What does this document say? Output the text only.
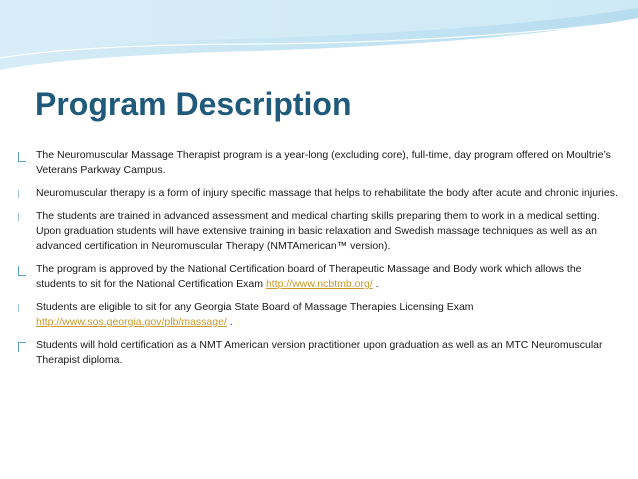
Program Description
The Neuromuscular Massage Therapist program is a year-long (excluding core), full-time, day program offered on Moultrie’s Veterans Parkway Campus.
Neuromuscular therapy is a form of injury specific massage that helps to rehabilitate the body after acute and chronic injuries.
The students are trained in advanced assessment and medical charting skills preparing them to work in a medical setting. Upon graduation students will have extensive training in basic relaxation and Swedish massage techniques as well as an advanced certification in Neuromuscular Therapy (NMTAmerican™ version).
The program is approved by the National Certification board of Therapeutic Massage and Body work which allows the students to sit for the National Certification Exam http://www.ncbtmb.org/ .
Students are eligible to sit for any Georgia State Board of Massage Therapies Licensing Exam http://www.sos.georgia.gov/plb/massage/ .
Students will hold certification as a NMT American version practitioner upon graduation as well as an MTC Neuromuscular Therapist diploma.
